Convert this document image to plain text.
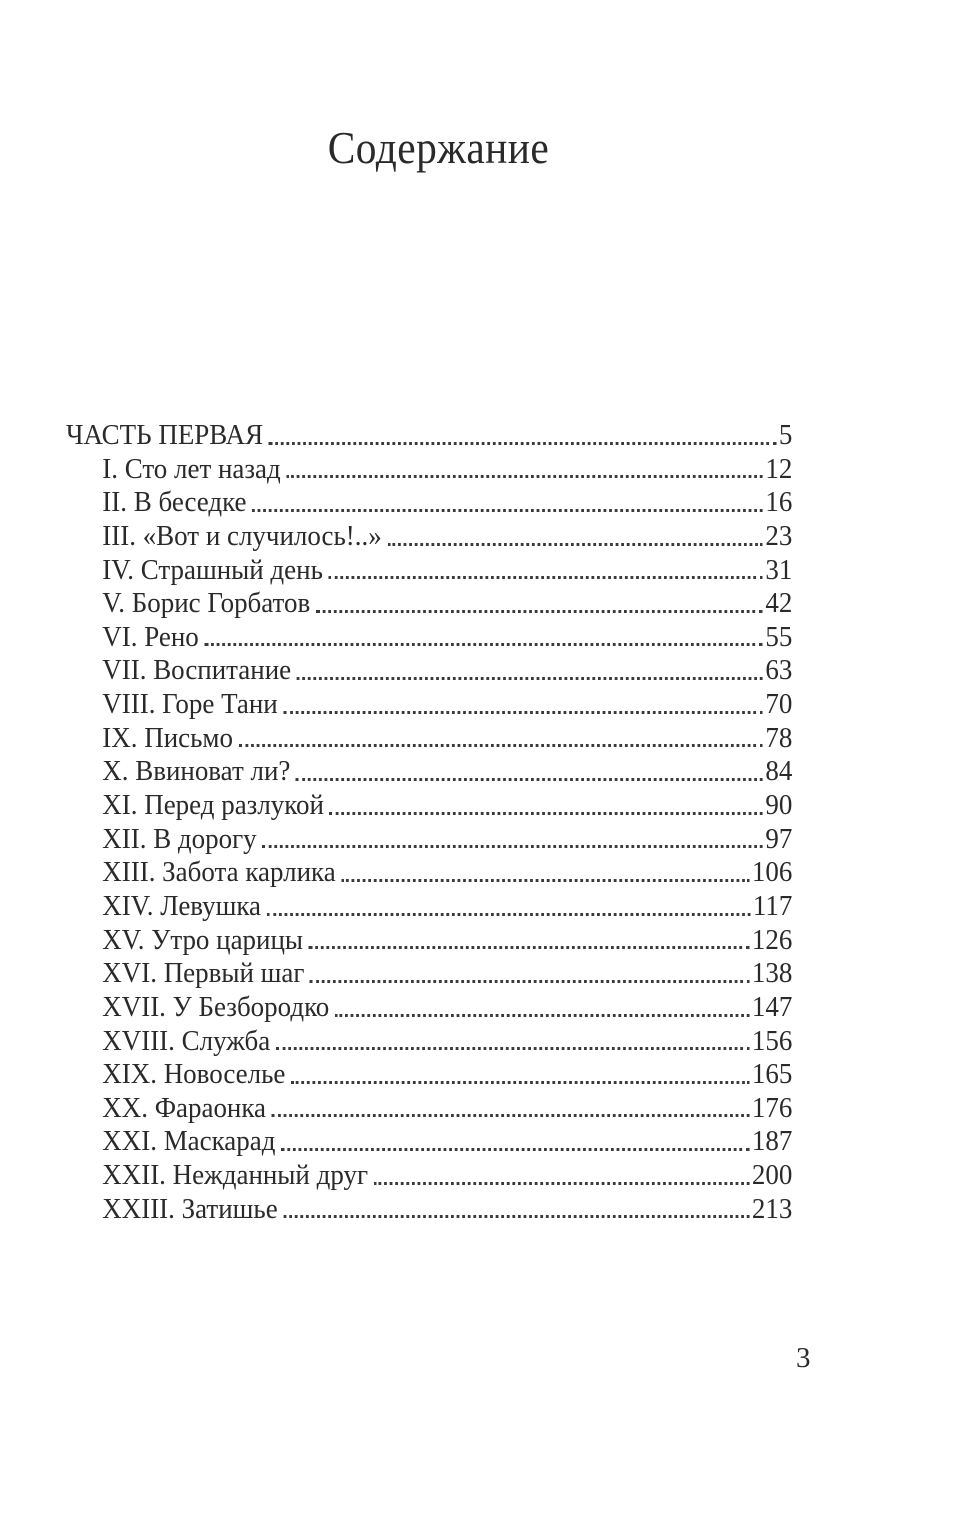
Содержание
ЧАСТЬ ПЕРВАЯ	5
I. Сто лет назад	12
II. В беседке	16
III. «Вот и случилось!..»	23
IV. Страшный день	31
V. Борис Горбатов	42
VI. Рено	55
VII. Воспитание	63
VIII. Горе Тани	70
IX. Письмо	78
X. Ввиноват ли?	84
XI. Перед разлукой	90
XII. В дорогу	97
XIII. Забота карлика	106
XIV. Левушка	117
XV. Утро царицы	126
XVI. Первый шаг	138
XVII. У Безбородко	147
XVIII. Служба	156
XIX. Новоселье	165
XX. Фараонка	176
XXI. Маскарад	187
XXII. Нежданный друг	200
XXIII. Затишье	213
3
